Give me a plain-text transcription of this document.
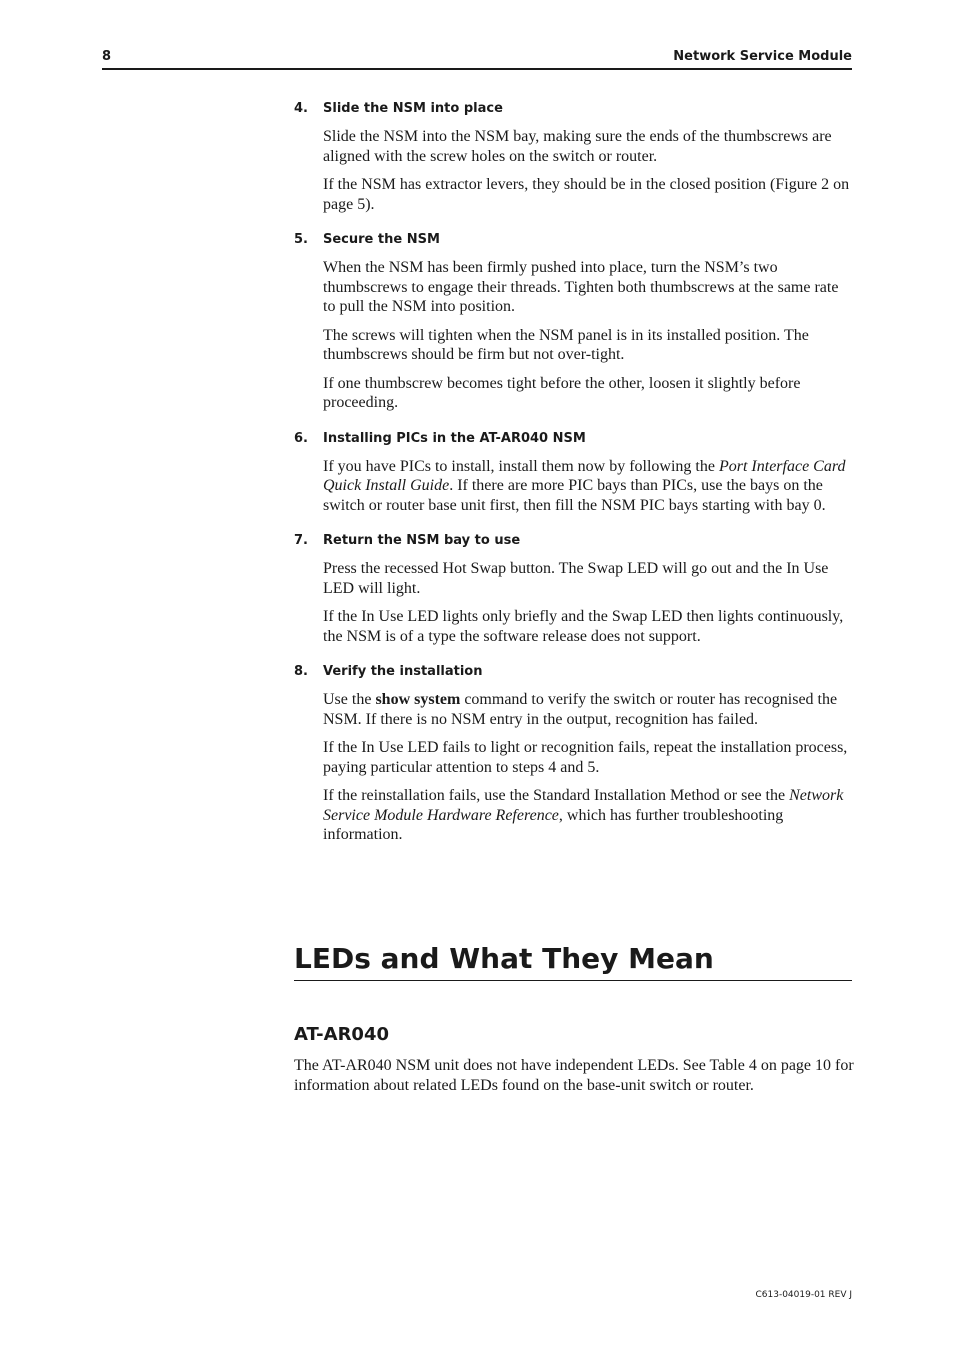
8	Network Service Module
4. Slide the NSM into place

Slide the NSM into the NSM bay, making sure the ends of the thumbscrews are aligned with the screw holes on the switch or router.

If the NSM has extractor levers, they should be in the closed position (Figure 2 on page 5).

5. Secure the NSM

When the NSM has been firmly pushed into place, turn the NSM’s two thumbscrews to engage their threads. Tighten both thumbscrews at the same rate to pull the NSM into position.

The screws will tighten when the NSM panel is in its installed position. The thumbscrews should be firm but not over-tight.

If one thumbscrew becomes tight before the other, loosen it slightly before proceeding.

6. Installing PICs in the AT-AR040 NSM

If you have PICs to install, install them now by following the Port Interface Card Quick Install Guide. If there are more PIC bays than PICs, use the bays on the switch or router base unit first, then fill the NSM PIC bays starting with bay 0.

7. Return the NSM bay to use

Press the recessed Hot Swap button. The Swap LED will go out and the In Use LED will light.

If the In Use LED lights only briefly and the Swap LED then lights continuously, the NSM is of a type the software release does not support.

8. Verify the installation

Use the show system command to verify the switch or router has recognised the NSM. If there is no NSM entry in the output, recognition has failed.

If the In Use LED fails to light or recognition fails, repeat the installation process, paying particular attention to steps 4 and 5.

If the reinstallation fails, use the Standard Installation Method or see the Network Service Module Hardware Reference, which has further troubleshooting information.

LEDs and What They Mean
AT-AR040
The AT-AR040 NSM unit does not have independent LEDs. See Table 4 on page 10 for information about related LEDs found on the base-unit switch or router.
C613-04019-01 REV J
